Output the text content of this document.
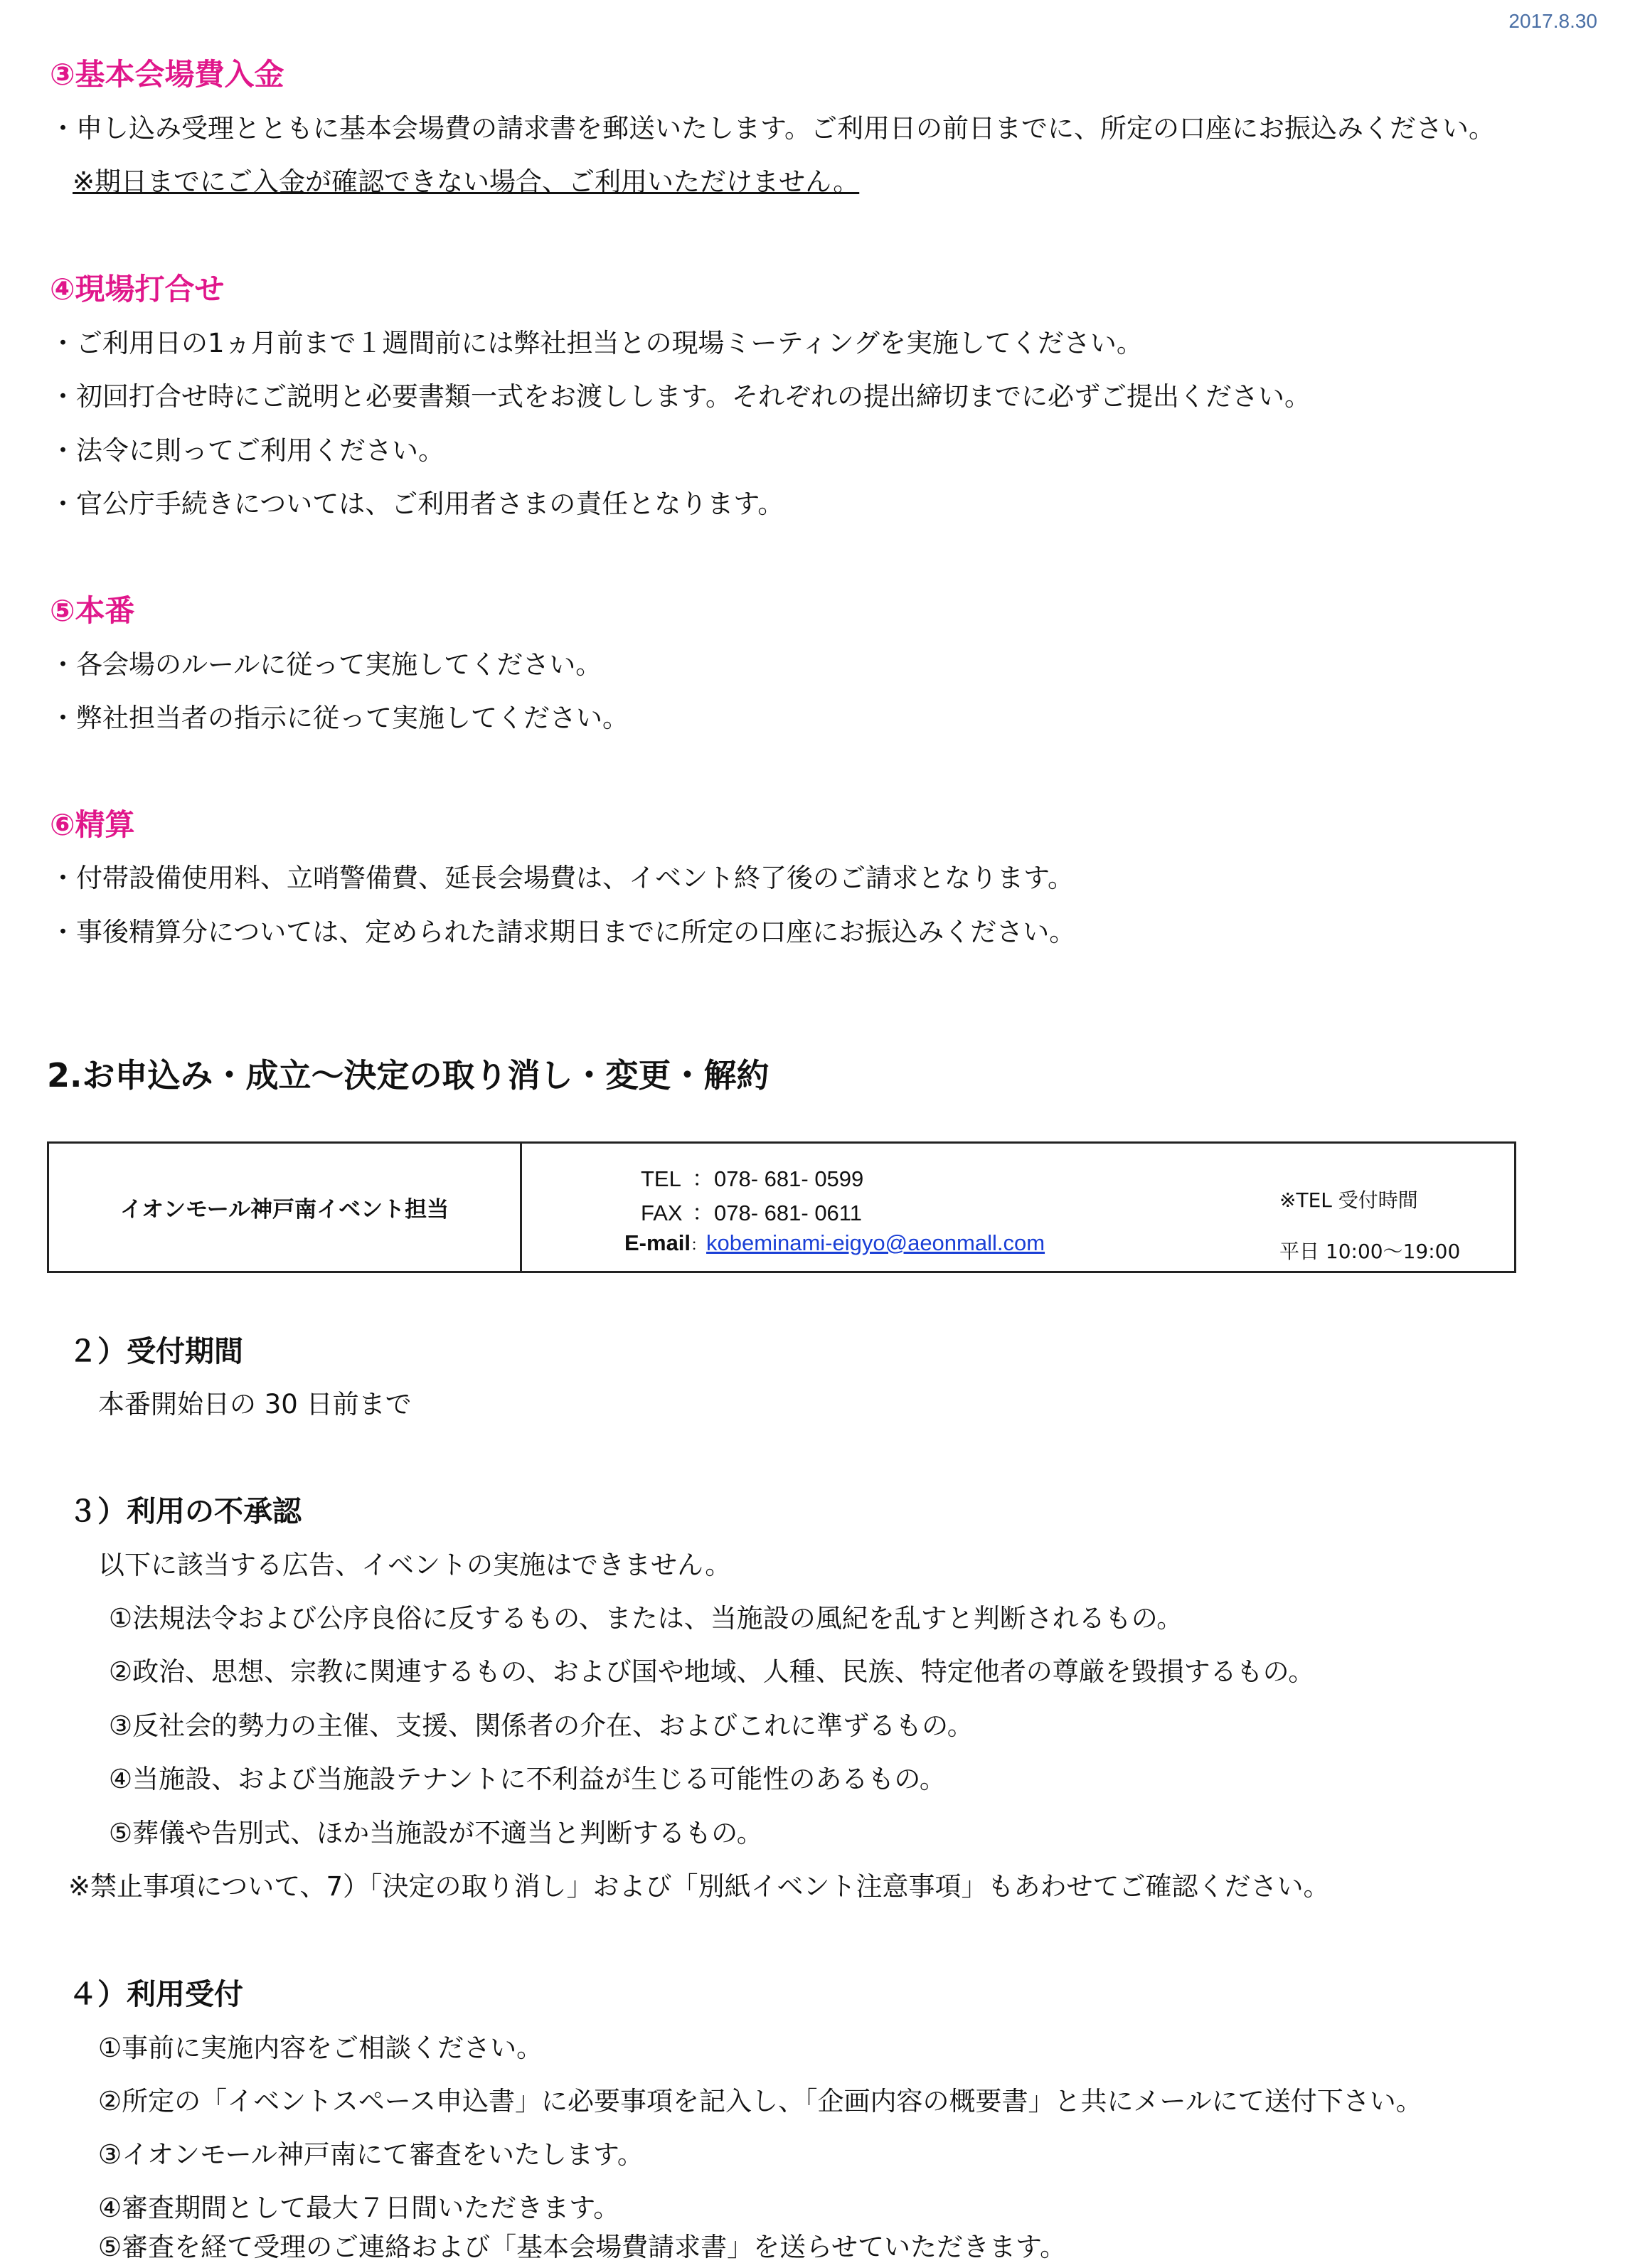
2017.8.30
③基本会場費入金
・申し込み受理とともに基本会場費の請求書を郵送いたします。ご利用日の前日までに、所定の口座にお振込みください。
※期日までにご入金が確認できない場合、ご利用いただけません。
④現場打合せ
・ご利用日の1ヵ月前まで１週間前には弊社担当との現場ミーティングを実施してください。
・初回打合せ時にご説明と必要書類一式をお渡しします。それぞれの提出締切までに必ずご提出ください。
・法令に則ってご利用ください。
・官公庁手続きについては、ご利用者さまの責任となります。
⑤本番
・各会場のルールに従って実施してください。
・弊社担当者の指示に従って実施してください。
⑥精算
・付帯設備使用料、立哨警備費、延長会場費は、イベント終了後のご請求となります。
・事後精算分については、定められた請求期日までに所定の口座にお振込みください。
2.お申込み・成立～決定の取り消し・変更・解約
イオンモール神戸南イベント担当
TEL ：078- 681- 0599
FAX ：078- 681- 0611
E-mail：kobeminami-eigyo@aeonmall.com
※TEL 受付時間
平日 10:00～19:00
２）受付期間
本番開始日の 30 日前まで
３）利用の不承認
以下に該当する広告、イベントの実施はできません。
①法規法令および公序良俗に反するもの、または、当施設の風紀を乱すと判断されるもの。
②政治、思想、宗教に関連するもの、および国や地域、人種、民族、特定他者の尊厳を毀損するもの。
③反社会的勢力の主催、支援、関係者の介在、およびこれに準ずるもの。
④当施設、および当施設テナントに不利益が生じる可能性のあるもの。
⑤葬儀や告別式、ほか当施設が不適当と判断するもの。
※禁止事項について、7）「決定の取り消し」および「別紙イベント注意事項」もあわせてご確認ください。
４）利用受付
①事前に実施内容をご相談ください。
②所定の「イベントスペース申込書」に必要事項を記入し、「企画内容の概要書」と共にメールにて送付下さい。
③イオンモール神戸南にて審査をいたします。
④審査期間として最大７日間いただきます。
⑤審査を経て受理のご連絡および「基本会場費請求書」を送らせていただきます。
